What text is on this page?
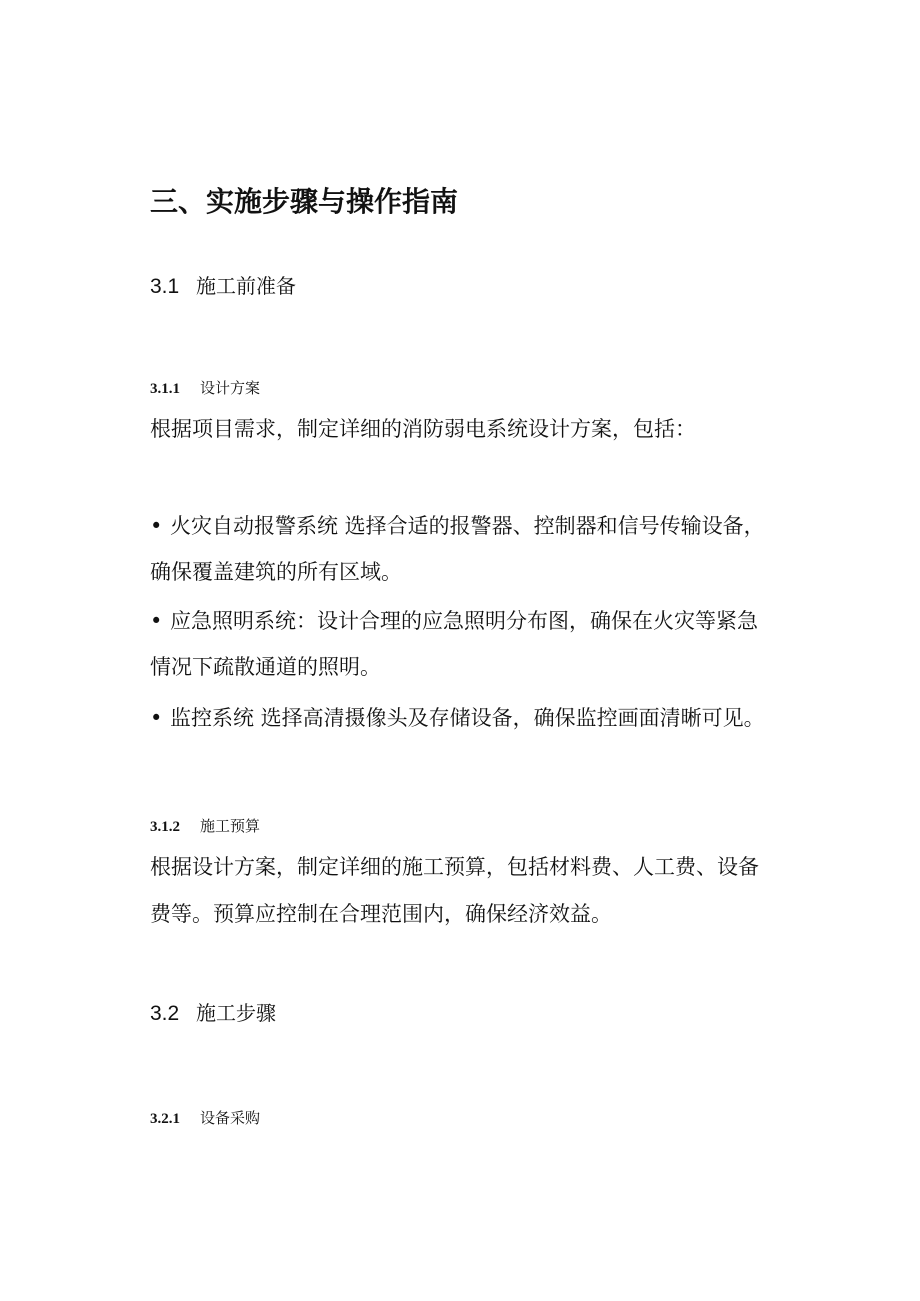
三、实施步骤与操作指南
3.1 施工前准备
3.1.1 设计方案
根据项目需求，制定详细的消防弱电系统设计方案，包括：
• 火灾自动报警系统 选择合适的报警器、控制器和信号传输设备，
确保覆盖建筑的所有区域。
• 应急照明系统：设计合理的应急照明分布图，确保在火灾等紧急
情况下疏散通道的照明。
• 监控系统 选择高清摄像头及存储设备，确保监控画面清晰可见。
3.1.2 施工预算
根据设计方案，制定详细的施工预算，包括材料费、人工费、设备
费等。预算应控制在合理范围内，确保经济效益。
3.2 施工步骤
3.2.1 设备采购
